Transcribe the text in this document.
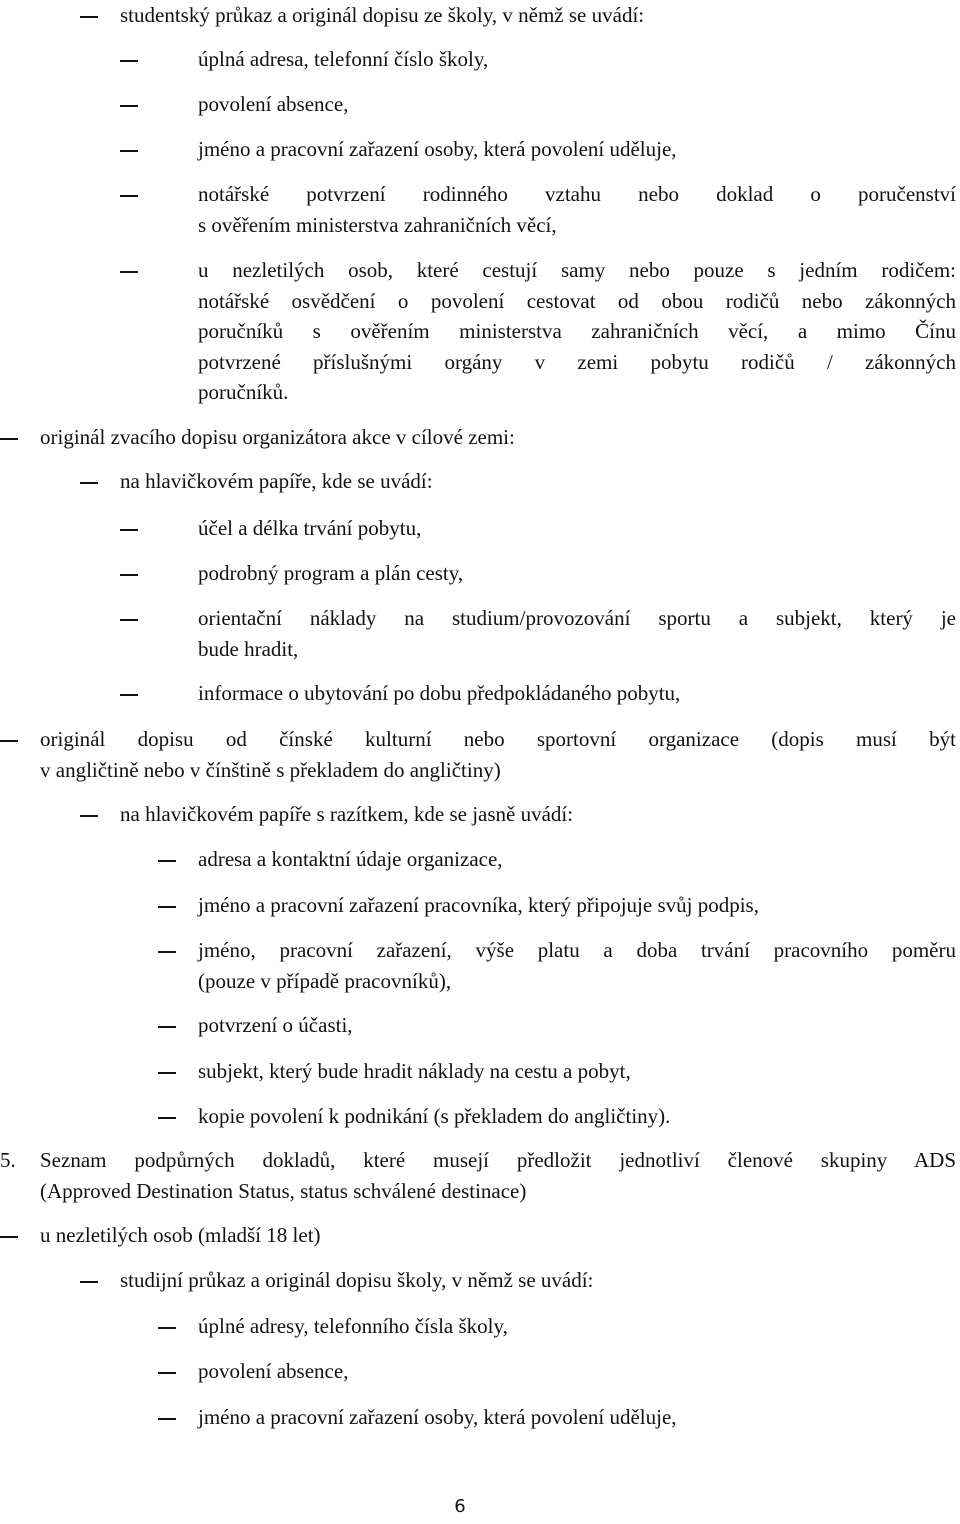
studentský průkaz a originál dopisu ze školy, v němž se uvádí:
úplná adresa, telefonní číslo školy,
povolení absence,
jméno a pracovní zařazení osoby, která povolení uděluje,
notářské potvrzení rodinného vztahu nebo doklad o poručenství
s ověřením ministerstva zahraničních věcí,
u nezletilých osob, které cestují samy nebo pouze s jedním rodičem:
notářské osvědčení o povolení cestovat od obou rodičů nebo zákonných
poručníků s ověřením ministerstva zahraničních věcí, a mimo Čínu
potvrzené příslušnými orgány v zemi pobytu rodičů / zákonných
poručníků.
originál zvacího dopisu organizátora akce v cílové zemi:
na hlavičkovém papíře, kde se uvádí:
účel a délka trvání pobytu,
podrobný program a plán cesty,
orientační náklady na studium/provozování sportu a subjekt, který je
bude hradit,
informace o ubytování po dobu předpokládaného pobytu,
originál dopisu od čínské kulturní nebo sportovní organizace (dopis musí být
v angličtině nebo v čínštině s překladem do angličtiny)
na hlavičkovém papíře s razítkem, kde se jasně uvádí:
adresa a kontaktní údaje organizace,
jméno a pracovní zařazení pracovníka, který připojuje svůj podpis,
jméno, pracovní zařazení, výše platu a doba trvání pracovního poměru
(pouze v případě pracovníků),
potvrzení o účasti,
subjekt, který bude hradit náklady na cestu a pobyt,
kopie povolení k podnikání (s překladem do angličtiny).
5. Seznam podpůrných dokladů, které musejí předložit jednotliví členové skupiny ADS
(Approved Destination Status, status schválené destinace)
u nezletilých osob (mladší 18 let)
studijní průkaz a originál dopisu školy, v němž se uvádí:
úplné adresy, telefonního čísla školy,
povolení absence,
jméno a pracovní zařazení osoby, která povolení uděluje,
6
